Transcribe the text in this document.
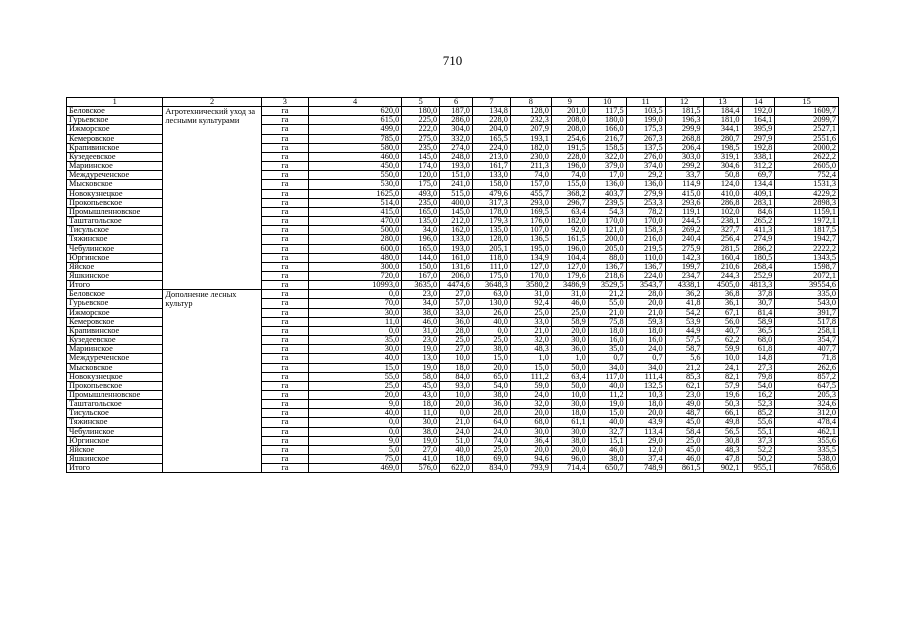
710
1	2	3	4	5	6	7	8	9	10	11	12	13	14	15
Беловское	Агротехнический уход за лесными культурами	га	620,0	180,0	187,0	134,8	128,0	201,0	117,5	103,5	181,5	184,4	192,0	1609,7
Гурьевское		га	615,0	225,0	286,0	228,0	232,3	208,0	180,0	199,0	196,3	181,0	164,1	2099,7
Ижморское		га	499,0	222,0	304,0	204,0	207,9	208,0	166,0	175,3	299,9	344,1	395,9	2527,1
Кемеровское		га	785,0	275,0	332,0	165,5	193,1	254,6	216,7	267,3	268,8	280,7	297,9	2551,6
Крапивинское		га	580,0	235,0	274,0	224,0	182,0	191,5	158,5	137,5	206,4	198,5	192,8	2000,2
Кузедеевское		га	460,0	145,0	248,0	213,0	230,0	228,0	322,0	276,0	303,0	319,1	338,1	2622,2
Мариинское		га	450,0	174,0	193,0	161,7	211,3	196,0	379,0	374,0	299,2	304,6	312,2	2605,0
Междуреченское		га	550,0	120,0	151,0	133,0	74,0	74,0	17,0	29,2	33,7	50,8	69,7	752,4
Мысковское		га	530,0	175,0	241,0	158,0	157,0	155,0	136,0	136,0	114,9	124,0	134,4	1531,3
Новокузнецкое		га	1625,0	493,0	515,0	479,6	455,7	368,2	403,7	279,9	415,0	410,0	409,1	4229,2
Прокопьевское		га	514,0	235,0	400,0	317,3	293,0	296,7	239,5	253,3	293,6	286,8	283,1	2898,3
Промышленновское		га	415,0	165,0	145,0	178,0	169,5	63,4	54,3	78,2	119,1	102,0	84,6	1159,1
Таштагольское		га	470,0	135,0	212,0	179,3	176,0	182,0	170,0	170,0	244,5	238,1	265,2	1972,1
Тисульское		га	500,0	34,0	162,0	135,0	107,0	92,0	121,0	158,3	269,2	327,7	411,3	1817,5
Тяжинское		га	280,0	196,0	133,0	128,0	136,5	161,5	200,0	216,0	240,4	256,4	274,9	1942,7
Чебулинское		га	600,0	165,0	193,0	205,1	195,0	196,0	205,0	219,5	275,9	281,5	286,2	2222,2
Юргинское		га	480,0	144,0	161,0	118,0	134,9	104,4	88,0	110,0	142,3	160,4	180,5	1343,5
Яйское		га	300,0	150,0	131,6	111,0	127,0	127,0	136,7	136,7	199,7	210,6	268,4	1598,7
Яшкинское		га	720,0	167,0	206,0	175,0	170,0	179,6	218,6	224,0	234,7	244,3	252,9	2072,1
Итого		га	10993,0	3635,0	4474,6	3648,3	3580,2	3486,9	3529,5	3543,7	4338,1	4505,0	4813,3	39554,6
Беловское	Дополнение лесных культур	га	0,0	23,0	27,0	63,0	31,0	31,0	21,2	28,0	36,2	36,8	37,8	335,0
Гурьевское		га	70,0	34,0	57,0	130,0	92,4	46,0	55,0	20,0	41,8	36,1	30,7	543,0
Ижморское		га	30,0	38,0	33,0	26,0	25,0	25,0	21,0	21,0	54,2	67,1	81,4	391,7
Кемеровское		га	11,0	46,0	36,0	40,0	33,0	58,9	75,8	59,3	53,9	56,0	58,9	517,8
Крапивинское		га	0,0	31,0	28,0	0,0	21,0	20,0	18,0	18,0	44,9	40,7	36,5	258,1
Кузедеевское		га	35,0	23,0	25,0	25,0	32,0	30,0	16,0	16,0	57,5	62,2	68,0	354,7
Мариинское		га	30,0	19,0	27,0	38,0	48,3	36,0	35,0	24,0	58,7	59,9	61,8	407,7
Междуреченское		га	40,0	13,0	10,0	15,0	1,0	1,0	0,7	0,7	5,6	10,0	14,8	71,8
Мысковское		га	15,0	19,0	18,0	20,0	15,0	50,0	34,0	34,0	21,2	24,1	27,3	262,6
Новокузнецкое		га	55,0	58,0	84,0	65,0	111,2	63,4	117,0	111,4	85,3	82,1	79,8	857,2
Прокопьевское		га	25,0	45,0	93,0	54,0	59,0	50,0	40,0	132,5	62,1	57,9	54,0	647,5
Промышленновское		га	20,0	43,0	10,0	38,0	24,0	10,0	11,2	10,3	23,0	19,6	16,2	205,3
Таштагольское		га	9,0	18,0	20,0	36,0	32,0	30,0	19,0	18,0	49,0	50,3	52,3	324,6
Тисульское		га	40,0	11,0	0,0	28,0	20,0	18,0	15,0	20,0	48,7	66,1	85,2	312,0
Тяжинское		га	0,0	30,0	21,0	64,0	68,0	61,1	40,0	43,9	45,0	49,8	55,6	478,4
Чебулинское		га	0,0	38,0	24,0	24,0	30,0	30,0	32,7	113,4	58,4	56,5	55,1	462,1
Юргинское		га	9,0	19,0	51,0	74,0	36,4	38,0	15,1	29,0	25,0	30,8	37,3	355,6
Яйское		га	5,0	27,0	40,0	25,0	20,0	20,0	46,0	12,0	45,0	48,3	52,2	335,5
Яшкинское		га	75,0	41,0	18,0	69,0	94,6	96,0	38,0	37,4	46,0	47,8	50,2	538,0
Итого		га	469,0	576,0	622,0	834,0	793,9	714,4	650,7	748,9	861,5	902,1	955,1	7658,6
